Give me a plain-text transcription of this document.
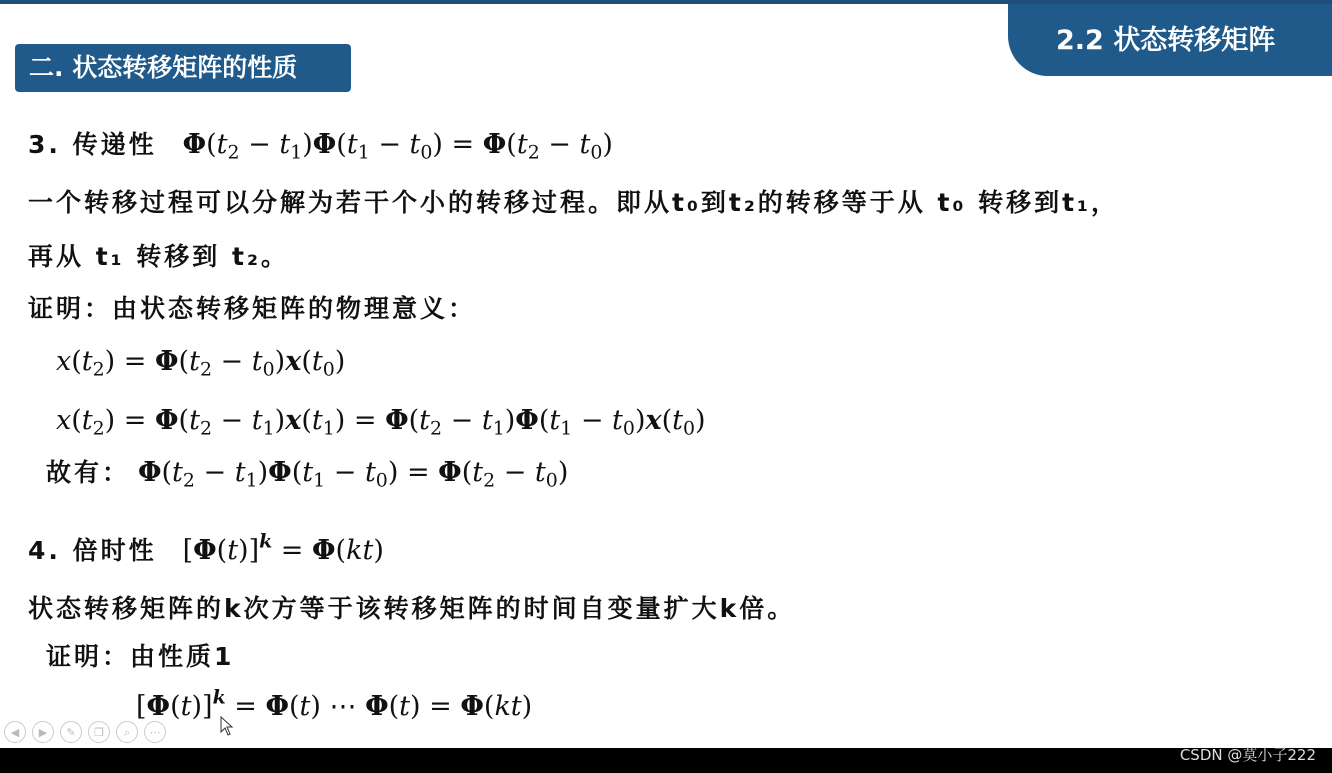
二. 状态转移矩阵的性质
2.2 状态转移矩阵
3. 传递性 $\Phi(t_2 - t_1)\Phi(t_1 - t_0) = \Phi(t_2 - t_0)$
一个转移过程可以分解为若干个小的转移过程。即从t₀到t₂的转移等于从 t₀ 转移到t₁，
再从 t₁ 转移到 t₂。
证明：由状态转移矩阵的物理意义：
$x(t_2) = \Phi(t_2 - t_0)x(t_0)$
$x(t_2) = \Phi(t_2 - t_1)x(t_1) = \Phi(t_2 - t_1)\Phi(t_1 - t_0)x(t_0)$
故有： $\Phi(t_2 - t_1)\Phi(t_1 - t_0) = \Phi(t_2 - t_0)$
4. 倍时性 $[\Phi(t)]^k = \Phi(kt)$
状态转移矩阵的k次方等于该转移矩阵的时间自变量扩大k倍。
证明：由性质1
$[\Phi(t)]^k = \Phi(t)$ ⋯ Φ(t) = Φ(kt)
◀	▶	✎	❐	⌕	⋯
CSDN @莫小子222
